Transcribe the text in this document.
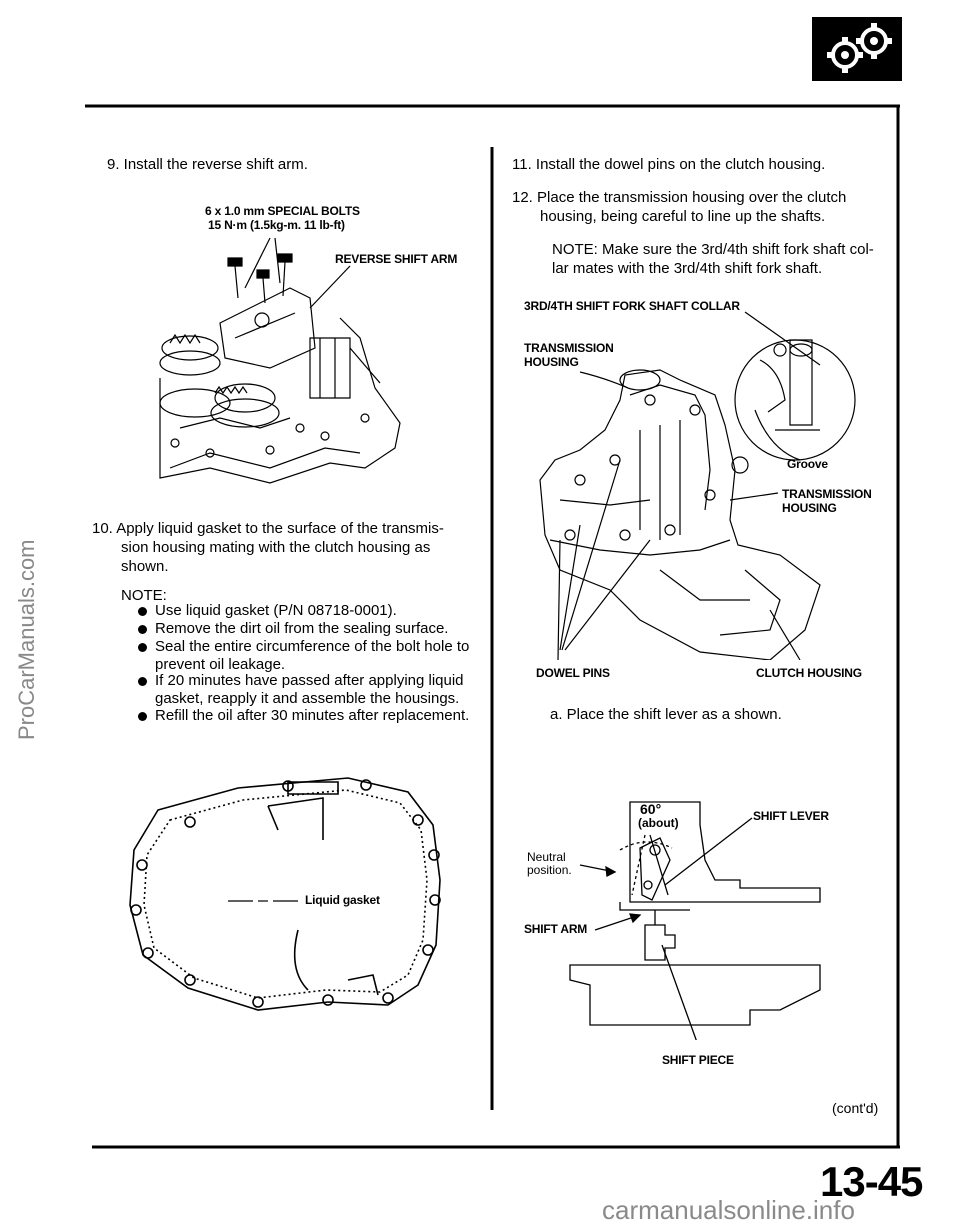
ProCarManuals.com
9. Install the reverse shift arm.
6 x 1.0 mm SPECIAL BOLTS
15 N·m (1.5kg-m. 11 lb-ft)
REVERSE SHIFT ARM
10. Apply liquid gasket to the surface of the transmis-
sion housing mating with the clutch housing as
shown.
NOTE:
Use liquid gasket (P/N 08718-0001).
Remove the dirt oil from the sealing surface.
Seal the entire circumference of the bolt hole to
prevent oil leakage.
If 20 minutes have passed after applying liquid
gasket, reapply it and assemble the housings.
Refill the oil after 30 minutes after replacement.
Liquid gasket
11. Install the dowel pins on the clutch housing.
12. Place the transmission housing over the clutch
housing, being careful to line up the shafts.
NOTE: Make sure the 3rd/4th shift fork shaft col-
lar mates with the 3rd/4th shift fork shaft.
3RD/4TH SHIFT FORK SHAFT COLLAR
TRANSMISSION
HOUSING
Groove
TRANSMISSION
HOUSING
DOWEL PINS	CLUTCH HOUSING
a. Place the shift lever as a shown.
60°
(about)	SHIFT LEVER
Neutral
position.
SHIFT ARM
SHIFT PIECE
(cont'd)
13-45
carmanualsonline.info
